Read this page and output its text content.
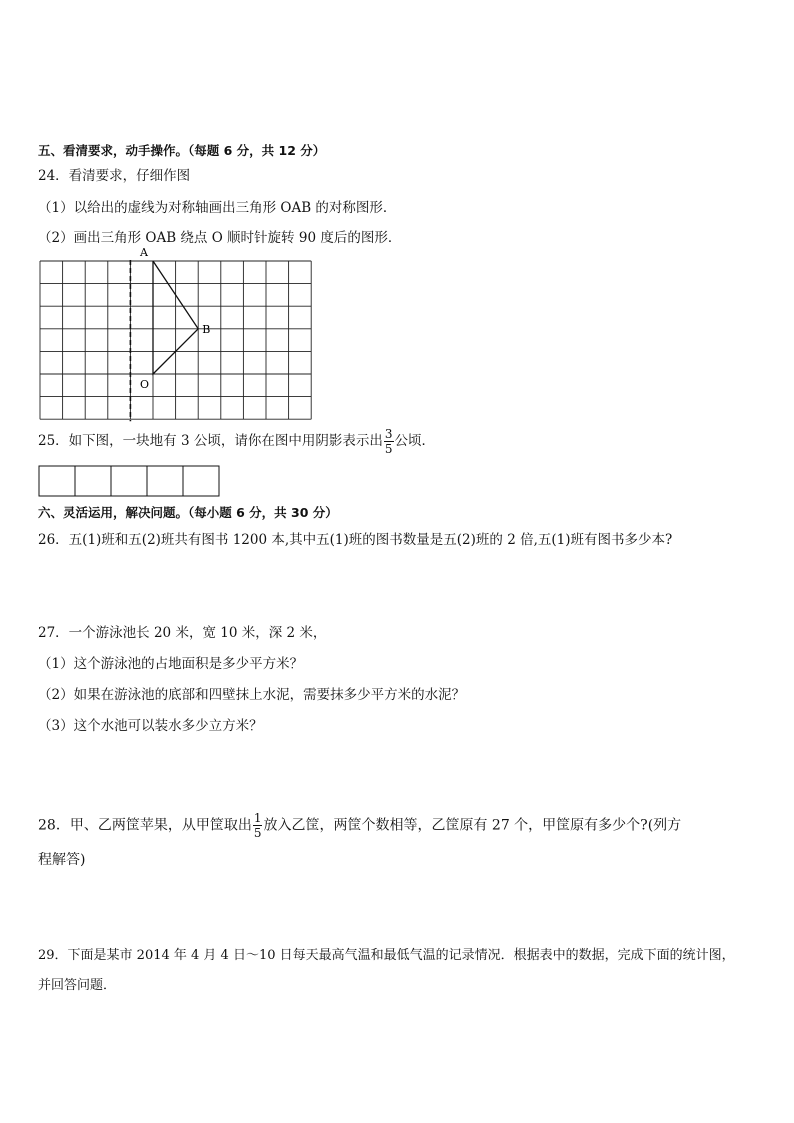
五、看清要求，动手操作。（每题 6 分，共 12 分）
24．看清要求，仔细作图
（1）以给出的虚线为对称轴画出三角形 OAB 的对称图形．
（2）画出三角形 OAB 绕点 O 顺时针旋转 90 度后的图形．
A
B
O
25．如下图，一块地有 3 公顷，请你在图中用阴影表示出 $\frac{3}{5}$ 公顷．
六、灵活运用，解决问题。（每小题 6 分，共 30 分）
26．五(1)班和五(2)班共有图书 1200 本,其中五(1)班的图书数量是五(2)班的 2 倍,五(1)班有图书多少本?
27．一个游泳池长 20 米，宽 10 米，深 2 米，
（1）这个游泳池的占地面积是多少平方米？
（2）如果在游泳池的底部和四壁抹上水泥，需要抹多少平方米的水泥？
（3）这个水池可以装水多少立方米？
28．甲、乙两筐苹果，从甲筐取出 $\frac{1}{5}$ 放入乙筐，两筐个数相等，乙筐原有 27 个，甲筐原有多少个?(列方
程解答)
29．下面是某市 2014 年 4 月 4 日～10 日每天最高气温和最低气温的记录情况．根据表中的数据，完成下面的统计图，
并回答问题．
